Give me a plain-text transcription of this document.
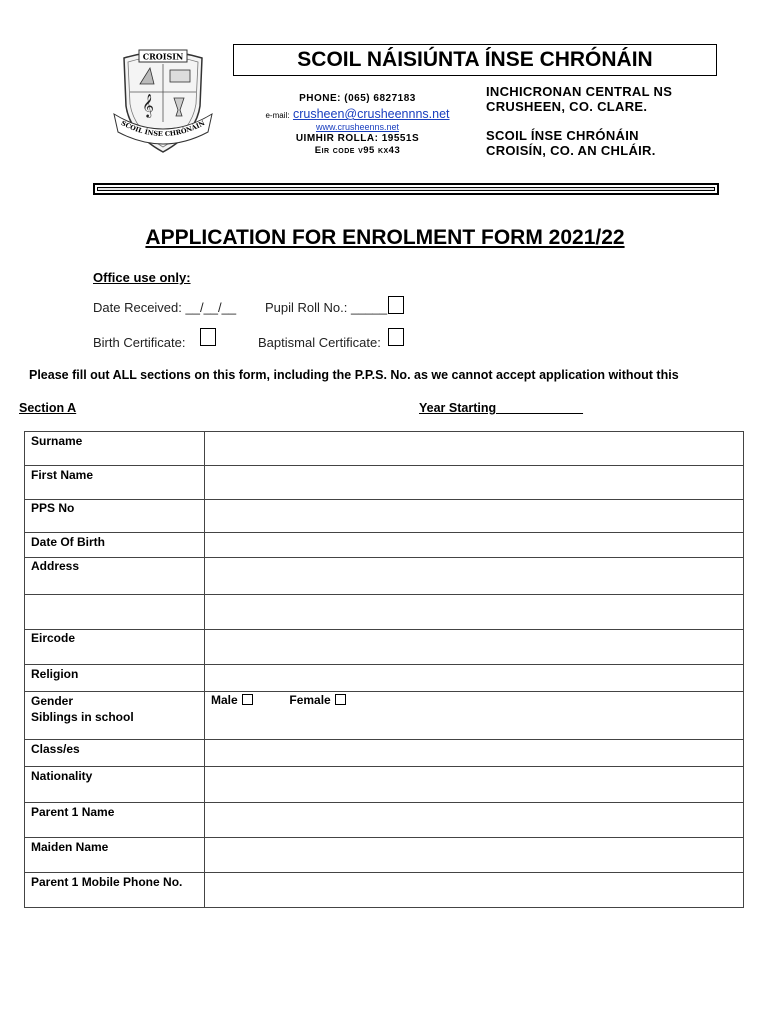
CROISIN
𝄞
SCOIL ÍNSE CHRÓNÁIN
SCOIL NÁISIÚNTA ÍNSE CHRÓNÁIN
PHONE: (065) 6827183
e-mail: crusheen@crusheennns.net
www.crusheenns.net
UIMHIR ROLLA: 19551S
Eir code v95 kx43
INCHICRONAN CENTRAL NS
CRUSHEEN, CO. CLARE.
SCOIL ÍNSE CHRÓNÁIN
CROISÍN, CO. AN CHLÁIR.
APPLICATION FOR ENROLMENT FORM 2021/22
Office use only:
Date Received: __/__/__ Pupil Roll No.: _____
Birth Certificate:	Baptismal Certificate:
Please fill out ALL sections on this form, including the P.P.S. No. as we cannot accept application without this
Section A	Year Starting ____________
Surname
First Name
PPS No
Date Of Birth
Address
Eircode
Religion
Gender	Male	Female
Siblings in school
Class/es
Nationality
Parent 1 Name
Maiden Name
Parent 1 Mobile Phone No.
